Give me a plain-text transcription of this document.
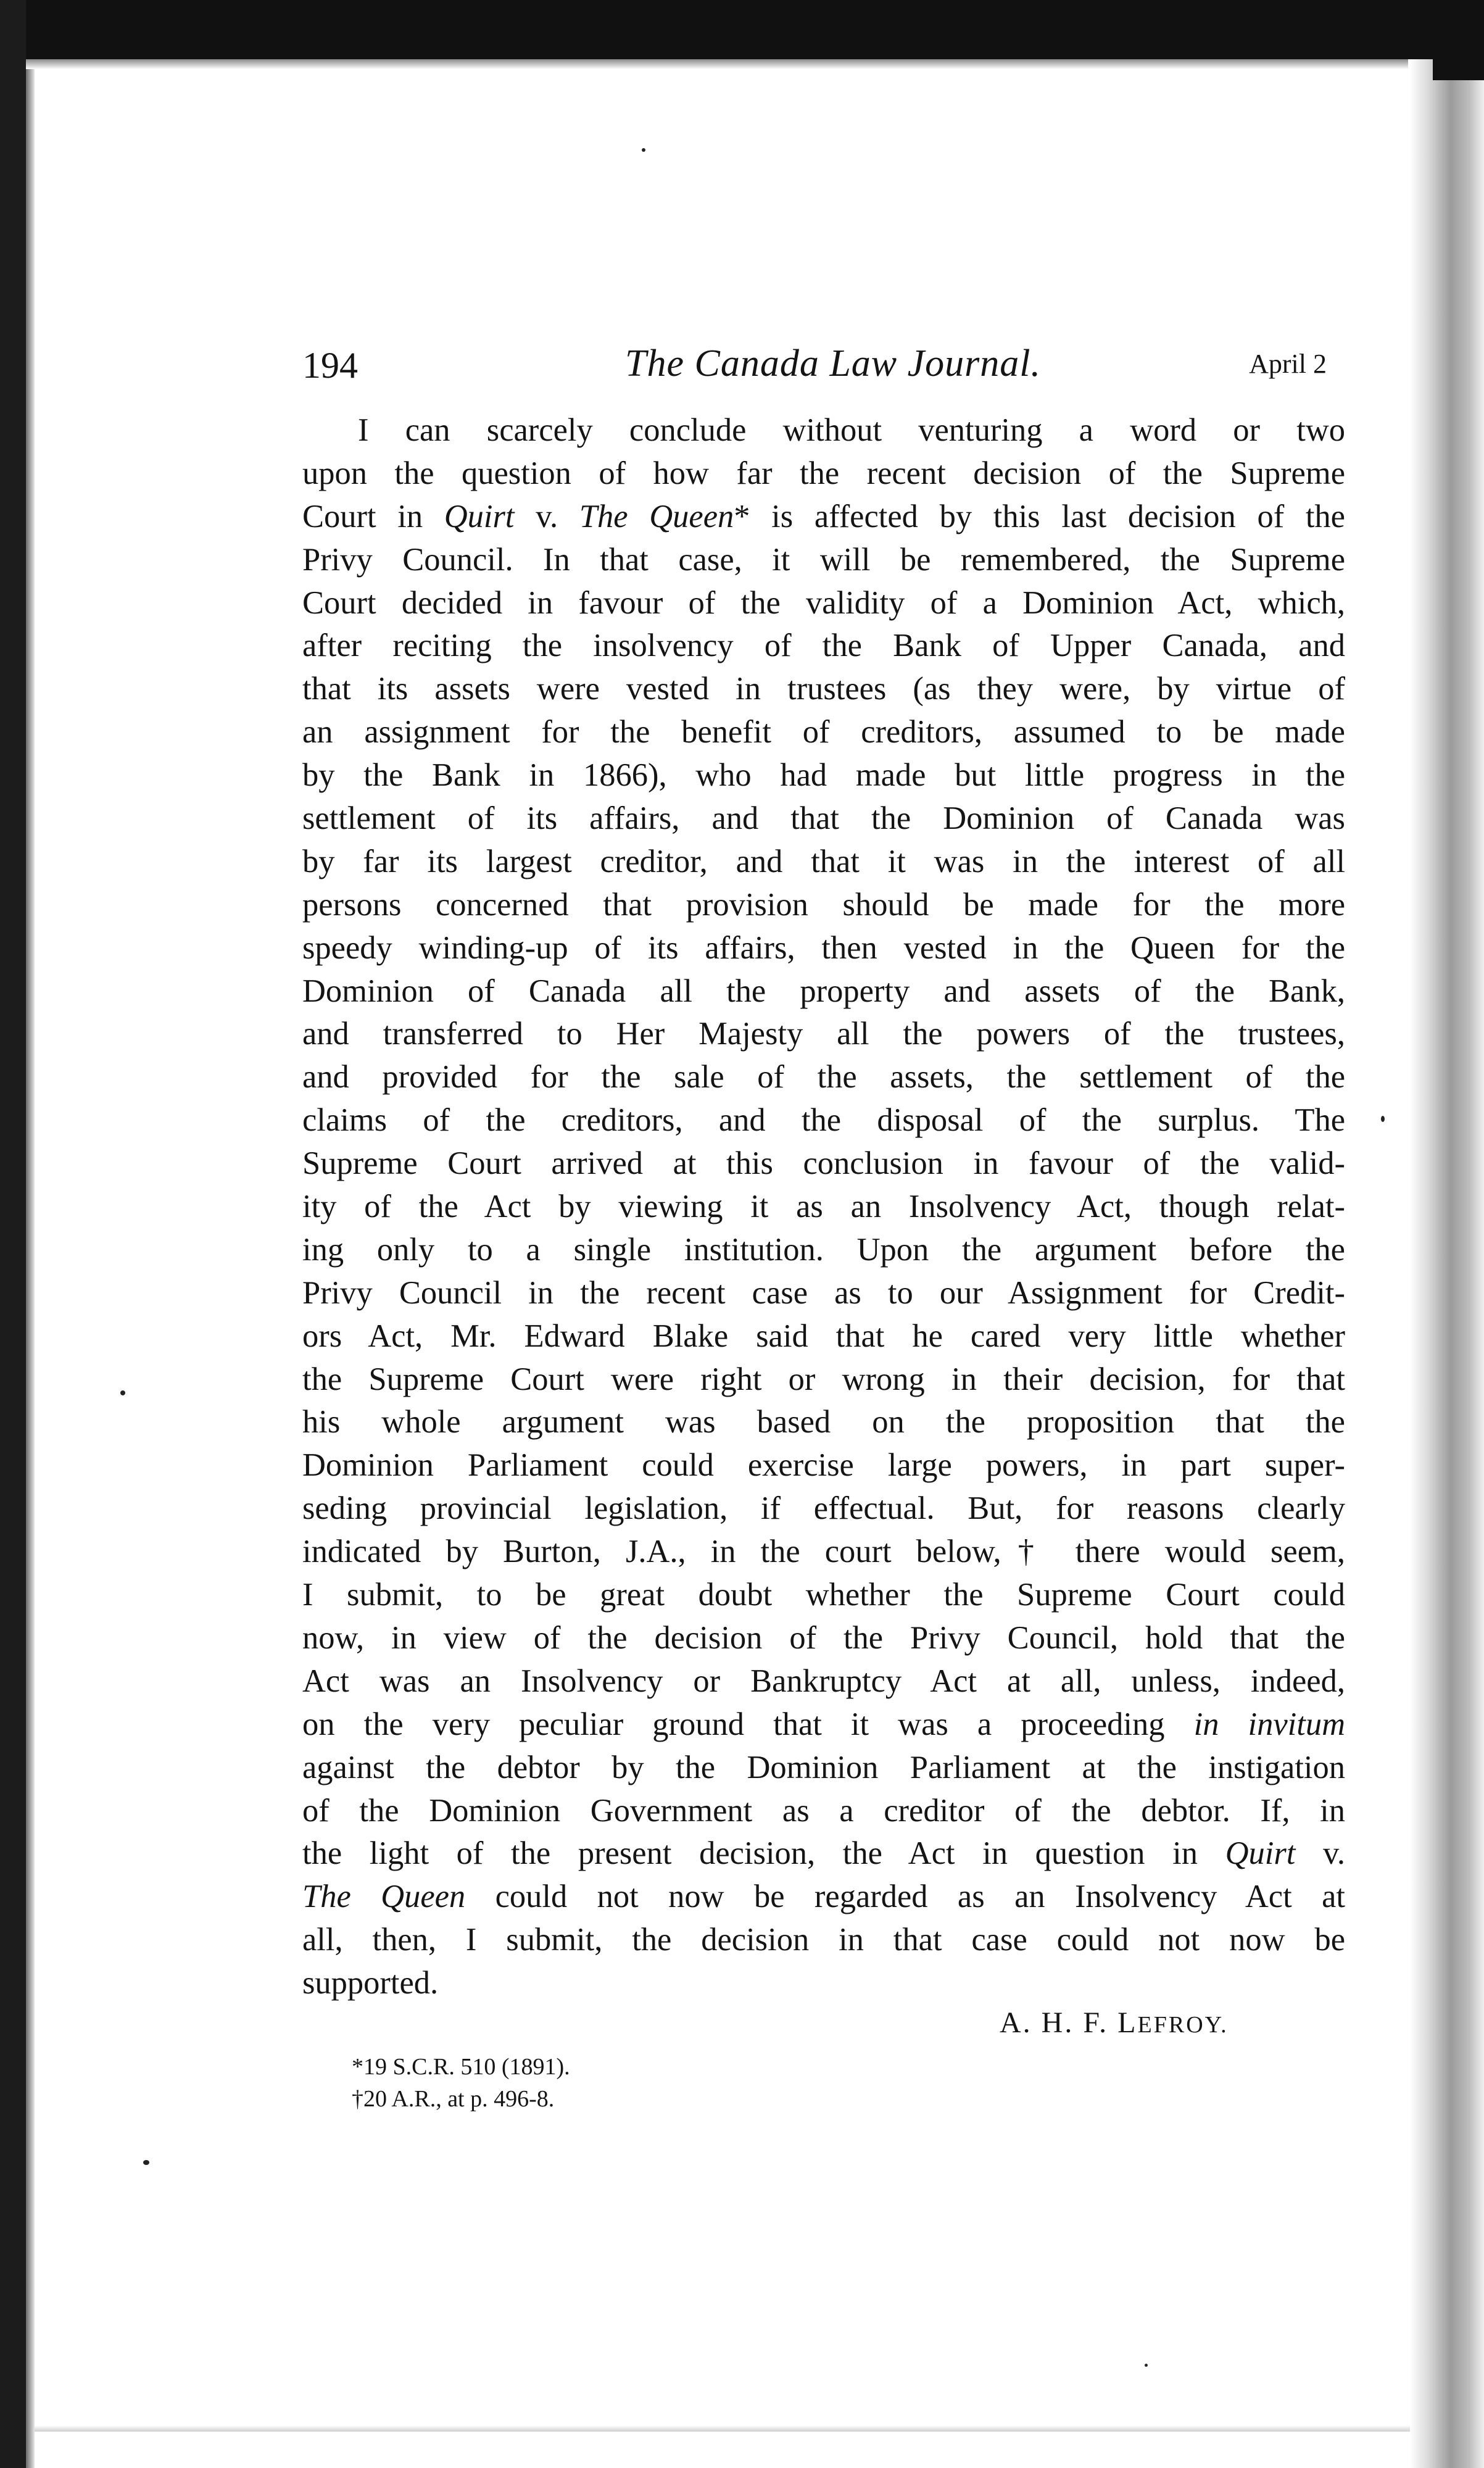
194	The Canada Law Journal.	April 2
I can scarcely conclude without venturing a word or two
upon the question of how far the recent decision of the Supreme
Court in Quirt v. The Queen* is affected by this last decision of the
Privy Council. In that case, it will be remembered, the Supreme
Court decided in favour of the validity of a Dominion Act, which,
after reciting the insolvency of the Bank of Upper Canada, and
that its assets were vested in trustees (as they were, by virtue of
an assignment for the benefit of creditors, assumed to be made
by the Bank in 1866), who had made but little progress in the
settlement of its affairs, and that the Dominion of Canada was
by far its largest creditor, and that it was in the interest of all
persons concerned that provision should be made for the more
speedy winding-up of its affairs, then vested in the Queen for the
Dominion of Canada all the property and assets of the Bank,
and transferred to Her Majesty all the powers of the trustees,
and provided for the sale of the assets, the settlement of the
claims of the creditors, and the disposal of the surplus. The
Supreme Court arrived at this conclusion in favour of the valid-
ity of the Act by viewing it as an Insolvency Act, though relat-
ing only to a single institution. Upon the argument before the
Privy Council in the recent case as to our Assignment for Credit-
ors Act, Mr. Edward Blake said that he cared very little whether
the Supreme Court were right or wrong in their decision, for that
his whole argument was based on the proposition that the
Dominion Parliament could exercise large powers, in part super-
seding provincial legislation, if effectual. But, for reasons clearly
indicated by Burton, J.A., in the court below,† there would seem,
I submit, to be great doubt whether the Supreme Court could
now, in view of the decision of the Privy Council, hold that the
Act was an Insolvency or Bankruptcy Act at all, unless, indeed,
on the very peculiar ground that it was a proceeding in invitum
against the debtor by the Dominion Parliament at the instigation
of the Dominion Government as a creditor of the debtor. If, in
the light of the present decision, the Act in question in Quirt v.
The Queen could not now be regarded as an Insolvency Act at
all, then, I submit, the decision in that case could not now be
supported.
A. H. F. LEFROY.
*19 S.C.R. 510 (1891).
†20 A.R., at p. 496-8.
